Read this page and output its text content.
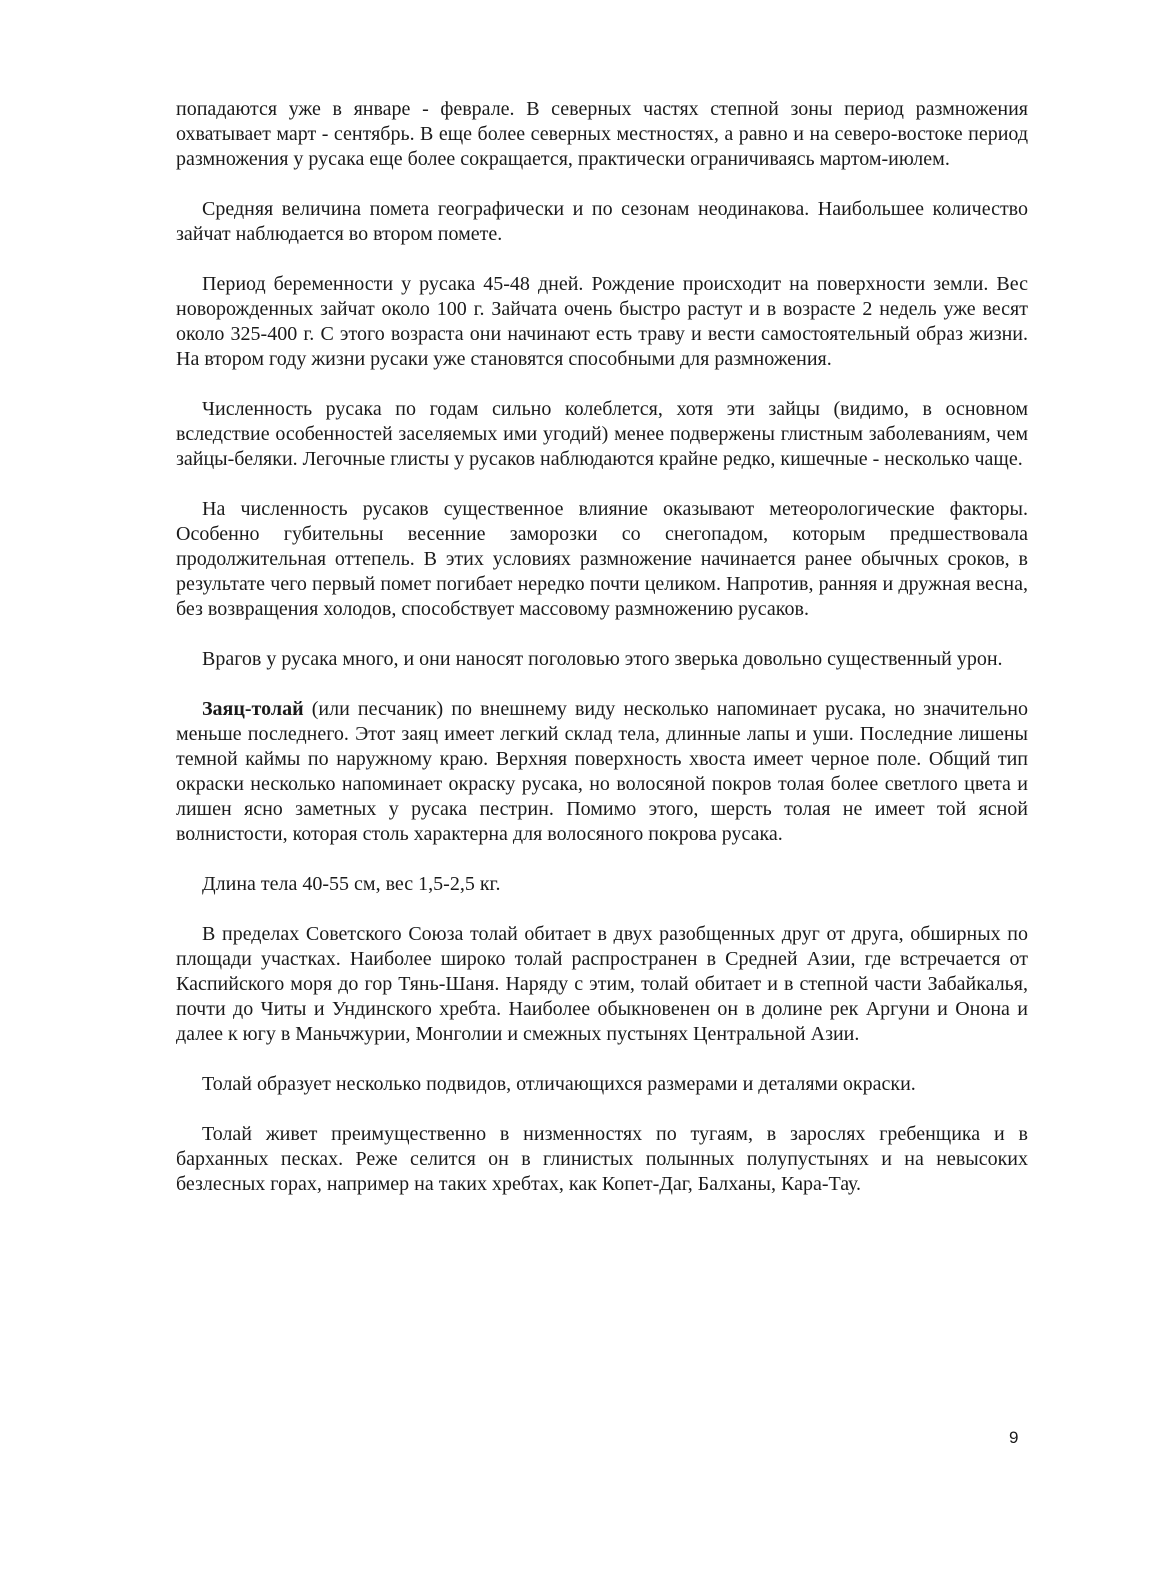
попадаются уже в январе - феврале. В северных частях степной зоны период размножения охватывает март - сентябрь. В еще более северных местностях, а равно и на северо-востоке период размножения у русака еще более сокращается, практически ограничиваясь мартом-июлем.

Средняя величина помета географически и по сезонам неодинакова. Наибольшее количество зайчат наблюдается во втором помете.

Период беременности у русака 45-48 дней. Рождение происходит на поверхности земли. Вес новорожденных зайчат около 100 г. Зайчата очень быстро растут и в возрасте 2 недель уже весят около 325-400 г. С этого возраста они начинают есть траву и вести самостоятельный образ жизни. На втором году жизни русаки уже становятся способными для размножения.

Численность русака по годам сильно колеблется, хотя эти зайцы (видимо, в основном вследствие особенностей заселяемых ими угодий) менее подвержены глистным заболеваниям, чем зайцы-беляки. Легочные глисты у русаков наблюдаются крайне редко, кишечные - несколько чаще.

На численность русаков существенное влияние оказывают метеорологические факторы. Особенно губительны весенние заморозки со снегопадом, которым предшествовала продолжительная оттепель. В этих условиях размножение начинается ранее обычных сроков, в результате чего первый помет погибает нередко почти целиком. Напротив, ранняя и дружная весна, без возвращения холодов, способствует массовому размножению русаков.

Врагов у русака много, и они наносят поголовью этого зверька довольно существенный урон.

Заяц-толай (или песчаник) по внешнему виду несколько напоминает русака, но значительно меньше последнего. Этот заяц имеет легкий склад тела, длинные лапы и уши. Последние лишены темной каймы по наружному краю. Верхняя поверхность хвоста имеет черное поле. Общий тип окраски несколько напоминает окраску русака, но волосяной покров толая более светлого цвета и лишен ясно заметных у русака пестрин. Помимо этого, шерсть толая не имеет той ясной волнистости, которая столь характерна для волосяного покрова русака.

Длина тела 40-55 см, вес 1,5-2,5 кг.

В пределах Советского Союза толай обитает в двух разобщенных друг от друга, обширных по площади участках. Наиболее широко толай распространен в Средней Азии, где встречается от Каспийского моря до гор Тянь-Шаня. Наряду с этим, толай обитает и в степной части Забайкалья, почти до Читы и Ундинского хребта. Наиболее обыкновенен он в долине рек Аргуни и Онона и далее к югу в Маньчжурии, Монголии и смежных пустынях Центральной Азии.

Толай образует несколько подвидов, отличающихся размерами и деталями окраски.

Толай живет преимущественно в низменностях по тугаям, в зарослях гребенщика и в барханных песках. Реже селится он в глинистых полынных полупустынях и на невысоких безлесных горах, например на таких хребтах, как Копет-Даг, Балханы, Кара-Тау.

9
